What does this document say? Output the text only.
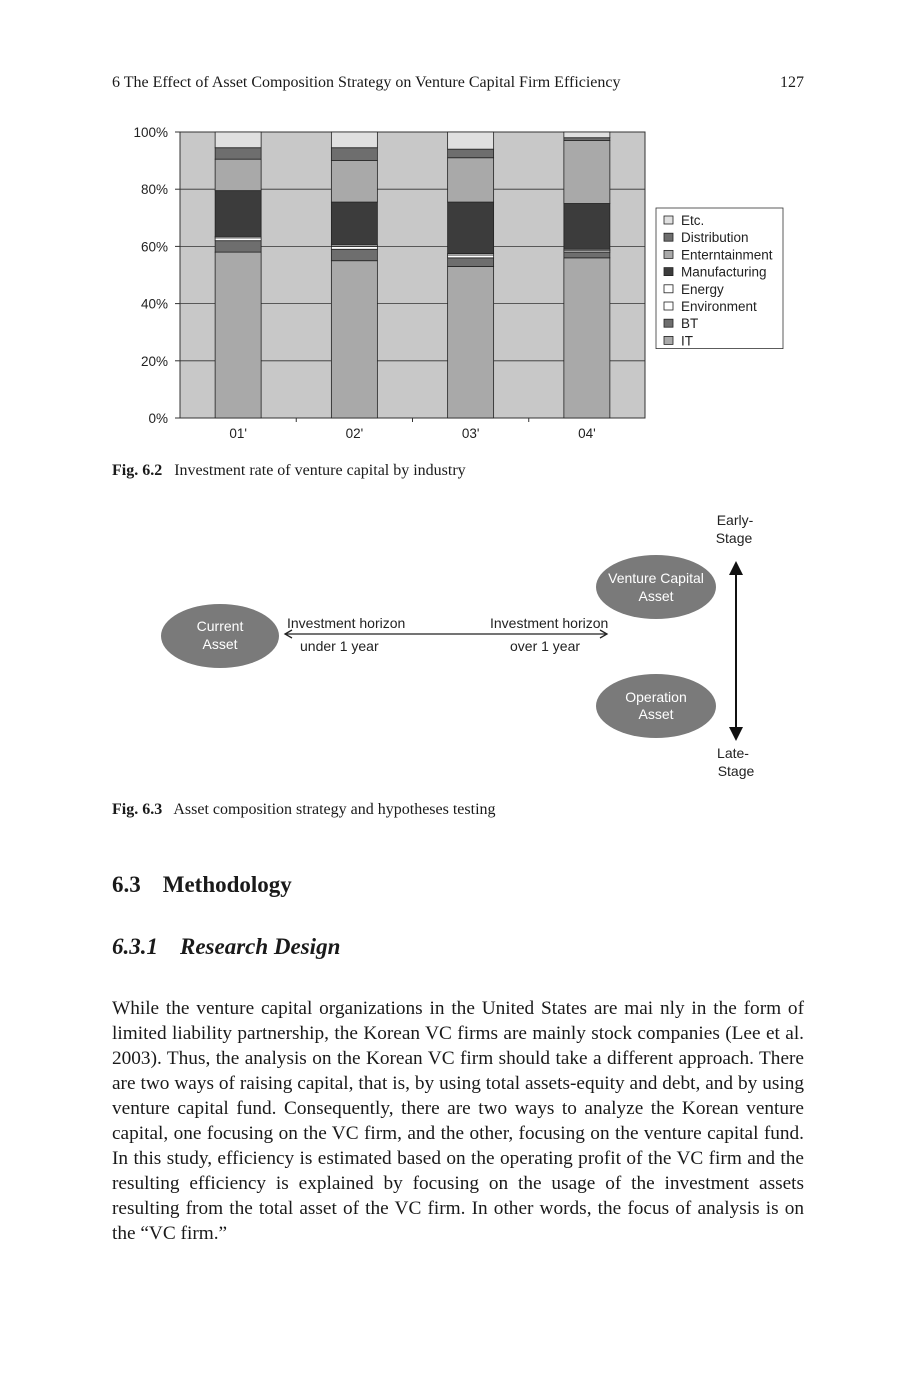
6 The Effect of Asset Composition Strategy on Venture Capital Firm Efficiency	127
0%
20%
40%
60%
80%
100%
01'	02'	03'	04'
Etc.
Distribution
Enterntainment
Manufacturing
Energy
Environment
BT
IT
Fig. 6.2 Investment rate of venture capital by industry
Current
Asset
Venture Capital
Asset
Operation
Asset
Investment horizon
under 1 year
Investment horizon
over 1 year
Early-
Stage
Late-
Stage
Fig. 6.3 Asset composition strategy and hypotheses testing
6.3 Methodology
6.3.1 Research Design

While the venture capital organizations in the United States are mai nly in the form of limited liability partnership, the Korean VC firms are mainly stock companies (Lee et al. 2003). Thus, the analysis on the Korean VC firm should take a different approach. There are two ways of raising capital, that is, by using total assets-equity and debt, and by using venture capital fund. Consequently, there are two ways to analyze the Korean venture capital, one focusing on the VC firm, and the other, focusing on the venture capital fund. In this study, efficiency is estimated based on the operating profit of the VC firm and the resulting efficiency is explained by focusing on the usage of the investment assets resulting from the total asset of the VC firm. In other words, the focus of analysis is on the “VC firm.”
